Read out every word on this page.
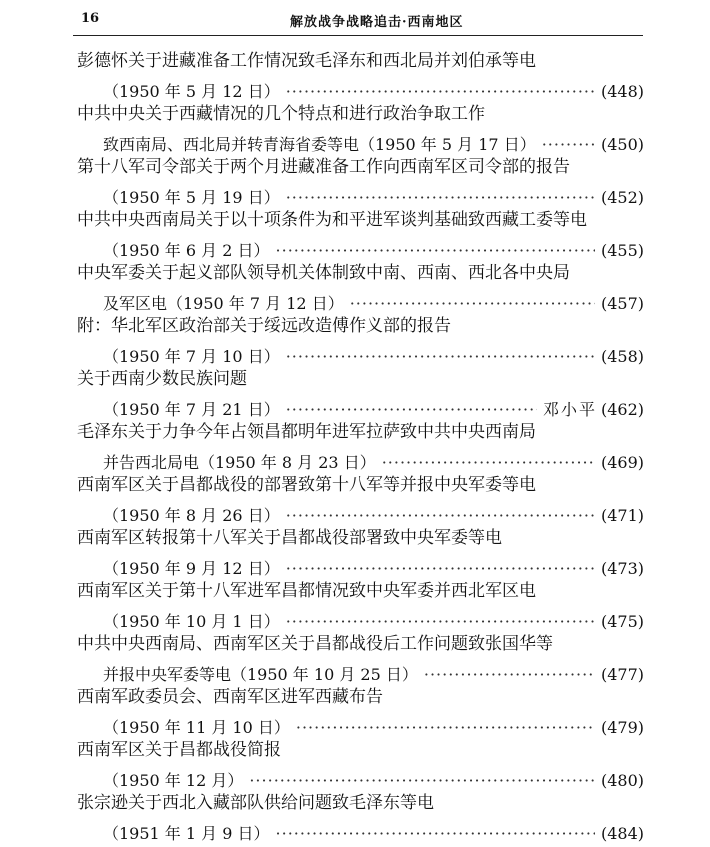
16	解放战争战略追击·西南地区
彭德怀关于进藏准备工作情况致毛泽东和西北局并刘伯承等电
（1950 年 5 月 12 日） ·····	(448)
中共中央关于西藏情况的几个特点和进行政治争取工作
致西南局、西北局并转青海省委等电（1950 年 5 月 17 日） ·····	(450)
第十八军司令部关于两个月进藏准备工作向西南军区司令部的报告
（1950 年 5 月 19 日） ·····	(452)
中共中央西南局关于以十项条件为和平进军谈判基础致西藏工委等电
（1950 年 6 月 2 日） ·····	(455)
中央军委关于起义部队领导机关体制致中南、西南、西北各中央局
及军区电（1950 年 7 月 12 日） ·····	(457)
附：华北军区政治部关于绥远改造傅作义部的报告
（1950 年 7 月 10 日） ·····	(458)
关于西南少数民族问题
（1950 年 7 月 21 日） ·····	邓小平 (462)
毛泽东关于力争今年占领昌都明年进军拉萨致中共中央西南局
并告西北局电（1950 年 8 月 23 日） ·····	(469)
西南军区关于昌都战役的部署致第十八军等并报中央军委等电
（1950 年 8 月 26 日） ·····	(471)
西南军区转报第十八军关于昌都战役部署致中央军委等电
（1950 年 9 月 12 日） ·····	(473)
西南军区关于第十八军进军昌都情况致中央军委并西北军区电
（1950 年 10 月 1 日） ·····	(475)
中共中央西南局、西南军区关于昌都战役后工作问题致张国华等
并报中央军委等电（1950 年 10 月 25 日） ·····	(477)
西南军政委员会、西南军区进军西藏布告
（1950 年 11 月 10 日） ·····	(479)
西南军区关于昌都战役简报
（1950 年 12 月） ·····	(480)
张宗逊关于西北入藏部队供给问题致毛泽东等电
（1951 年 1 月 9 日） ·····	(484)
